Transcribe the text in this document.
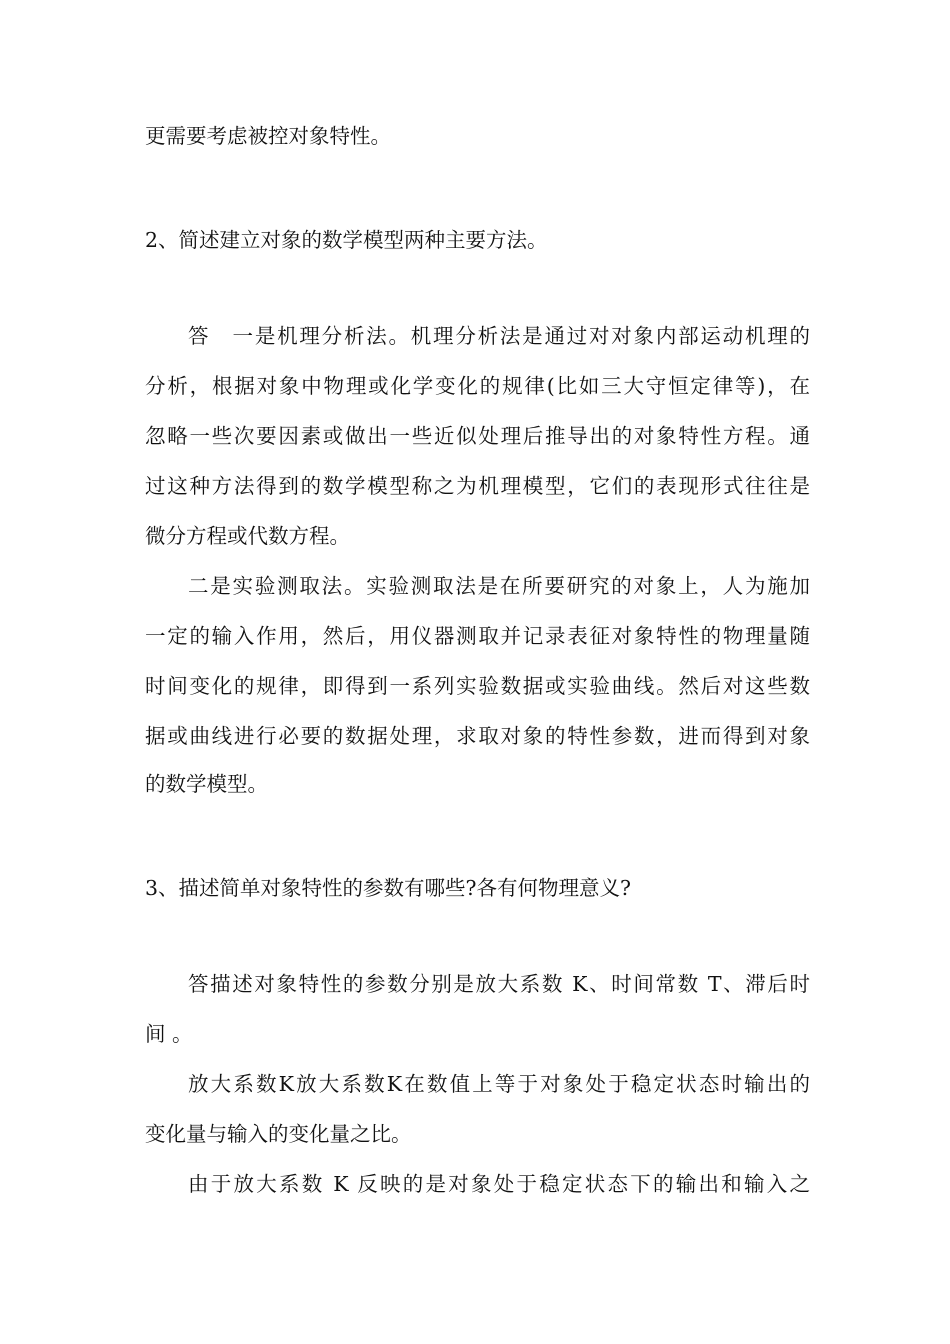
更需要考虑被控对象特性。
2、简述建立对象的数学模型两种主要方法。
答　一是机理分析法。机理分析法是通过对对象内部运动机理的
分析，根据对象中物理或化学变化的规律(比如三大守恒定律等)，在
忽略一些次要因素或做出一些近似处理后推导出的对象特性方程。通
过这种方法得到的数学模型称之为机理模型，它们的表现形式往往是
微分方程或代数方程。
二是实验测取法。实验测取法是在所要研究的对象上，人为施加
一定的输入作用，然后，用仪器测取并记录表征对象特性的物理量随
时间变化的规律，即得到一系列实验数据或实验曲线。然后对这些数
据或曲线进行必要的数据处理，求取对象的特性参数，进而得到对象
的数学模型。
3、描述简单对象特性的参数有哪些?各有何物理意义?
答描述对象特性的参数分别是放大系数 K、时间常数 T、滞后时
间 。
放大系数K放大系数K在数值上等于对象处于稳定状态时输出的
变化量与输入的变化量之比。
由于放大系数 K 反映的是对象处于稳定状态下的输出和输入之
